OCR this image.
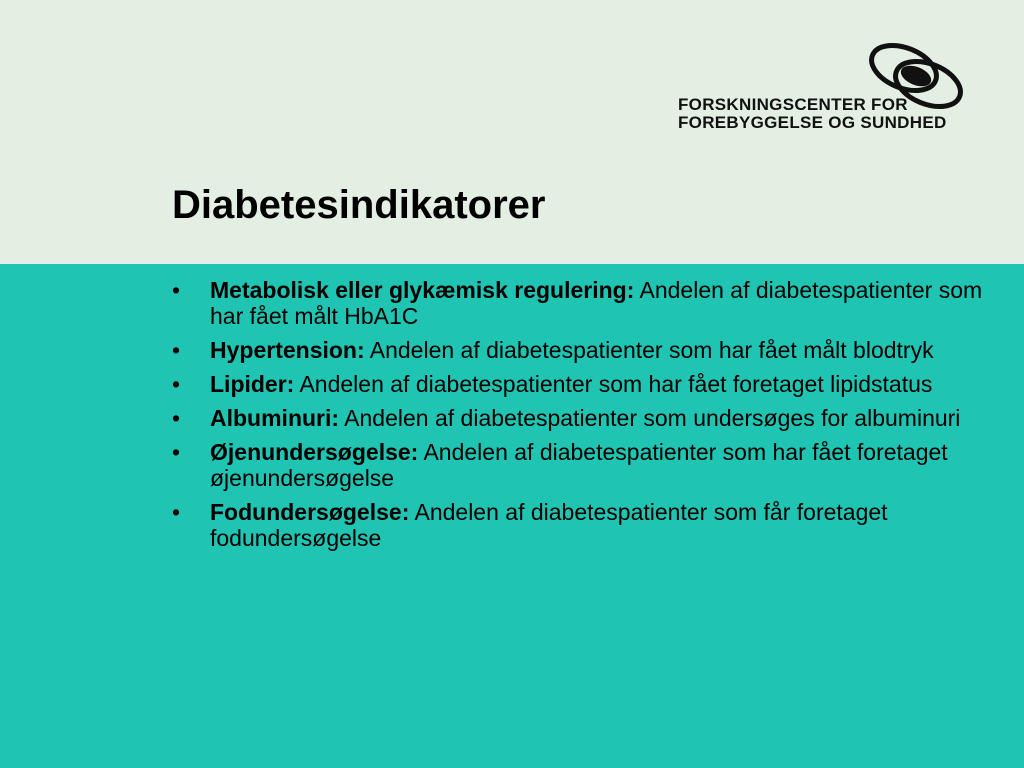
FORSKNINGSCENTER FOR
FOREBYGGELSE OG SUNDHED
Diabetesindikatorer
•	Metabolisk eller glykæmisk regulering: Andelen af diabetespatienter som har fået målt HbA1C
•	Hypertension: Andelen af diabetespatienter som har fået målt blodtryk
•	Lipider: Andelen af diabetespatienter som har fået foretaget lipidstatus
•	Albuminuri: Andelen af diabetespatienter som undersøges for albuminuri
•	Øjenundersøgelse: Andelen af diabetespatienter som har fået foretaget øjenundersøgelse
•	Fodundersøgelse: Andelen af diabetespatienter som får foretaget fodundersøgelse
